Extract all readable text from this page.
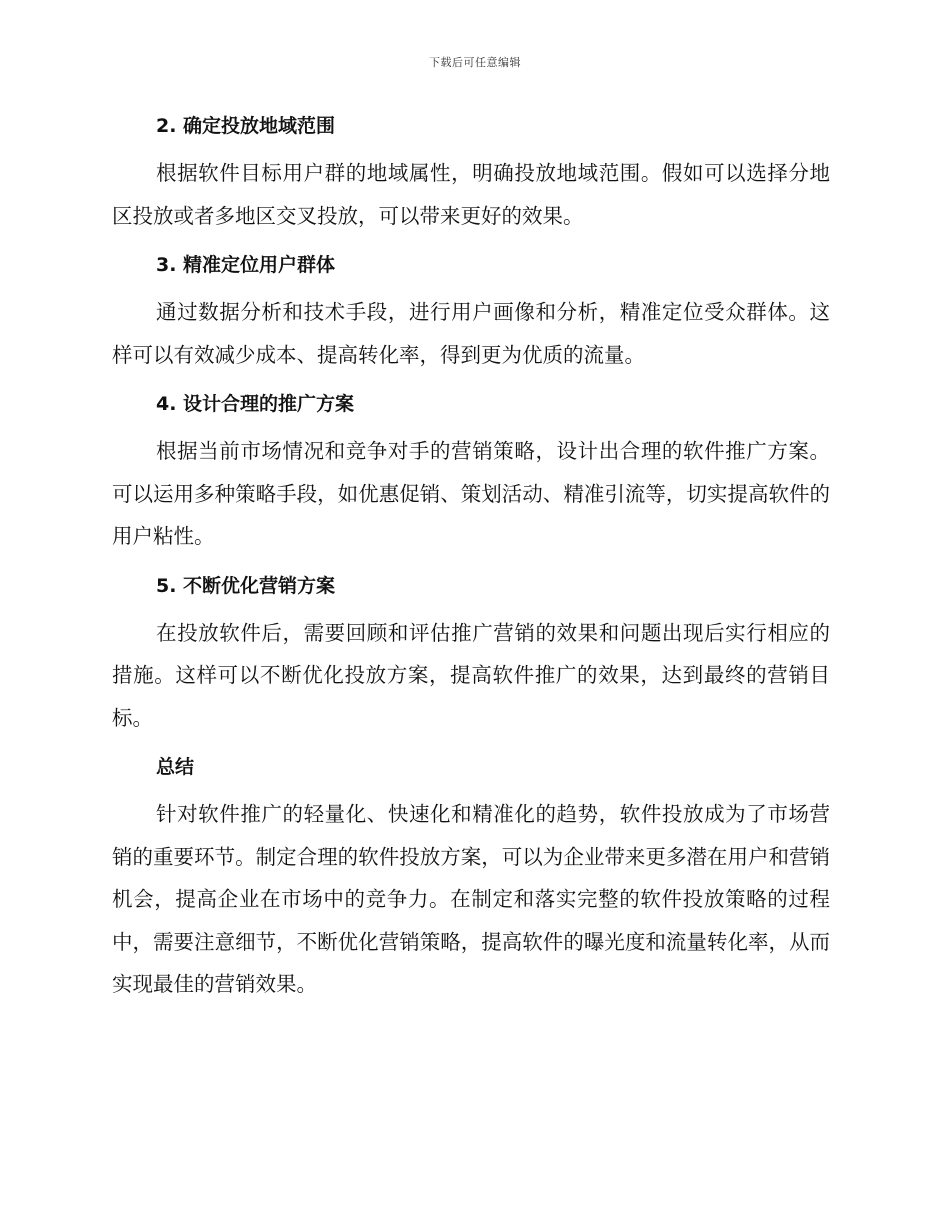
下载后可任意编辑
2. 确定投放地域范围

根据软件目标用户群的地域属性，明确投放地域范围。假如可以选择分地区投放或者多地区交叉投放，可以带来更好的效果。

3. 精准定位用户群体

通过数据分析和技术手段，进行用户画像和分析，精准定位受众群体。这样可以有效减少成本、提高转化率，得到更为优质的流量。

4. 设计合理的推广方案

根据当前市场情况和竞争对手的营销策略，设计出合理的软件推广方案。可以运用多种策略手段，如优惠促销、策划活动、精准引流等，切实提高软件的用户粘性。

5. 不断优化营销方案

在投放软件后，需要回顾和评估推广营销的效果和问题出现后实行相应的措施。这样可以不断优化投放方案，提高软件推广的效果，达到最终的营销目标。

总结

针对软件推广的轻量化、快速化和精准化的趋势，软件投放成为了市场营销的重要环节。制定合理的软件投放方案，可以为企业带来更多潜在用户和营销机会，提高企业在市场中的竞争力。在制定和落实完整的软件投放策略的过程中，需要注意细节，不断优化营销策略，提高软件的曝光度和流量转化率，从而实现最佳的营销效果。
